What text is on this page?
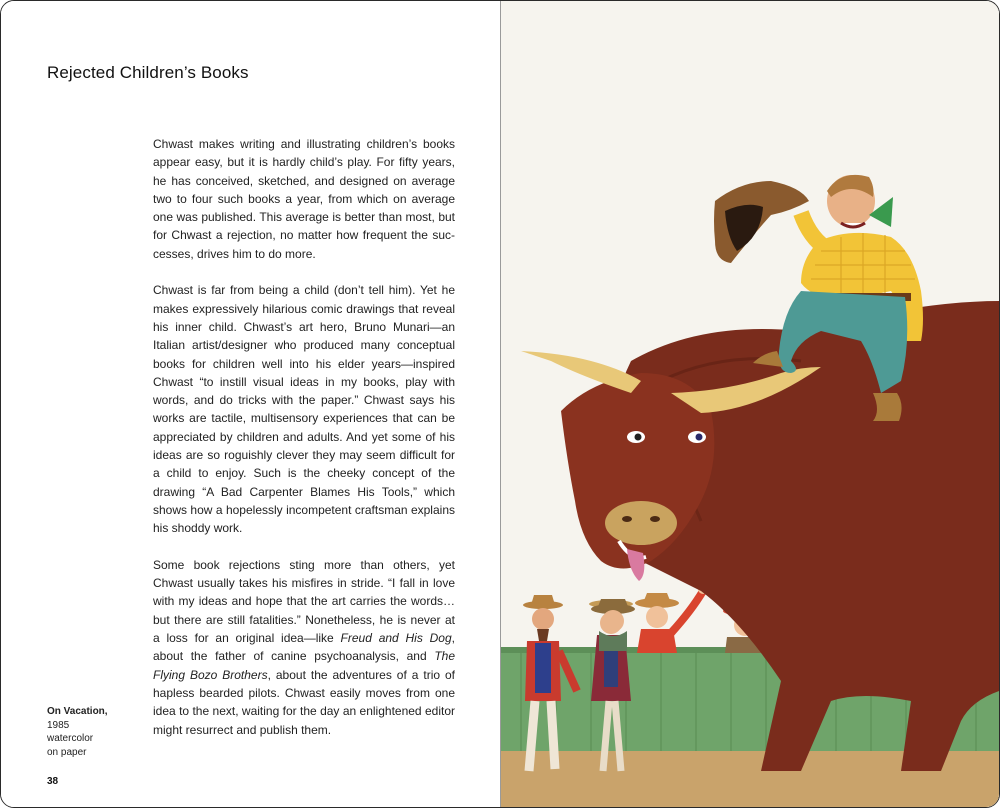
Rejected Children’s Books

Chwast makes writing and illustrating children’s books appear easy, but it is hardly child’s play. For fifty years, he has conceived, sketched, and designed on average two to four such books a year, from which on average one was published. This average is better than most, but for Chwast a rejection, no matter how frequent the suc-cesses, drives him to do more.

Chwast is far from being a child (don’t tell him). Yet he makes expressively hilarious comic drawings that reveal his inner child. Chwast’s art hero, Bruno Munari—an Italian artist/designer who produced many conceptual books for children well into his elder years—inspired Chwast “to instill visual ideas in my books, play with words, and do tricks with the paper.” Chwast says his works are tactile, multisensory experiences that can be appreciated by children and adults. And yet some of his ideas are so roguishly clever they may seem difficult for a child to enjoy. Such is the cheeky concept of the drawing “A Bad Carpenter Blames His Tools,” which shows how a hopelessly incompetent craftsman explains his shoddy work.

Some book rejections sting more than others, yet Chwast usually takes his misfires in stride. “I fall in love with my ideas and hope that the art carries the words… but there are still fatalities.” Nonetheless, he is never at a loss for an original idea—like Freud and His Dog, about the father of canine psychoanalysis, and The Flying Bozo Brothers, about the adventures of a trio of hapless bearded pilots. Chwast easily moves from one idea to the next, waiting for the day an enlightened editor might resurrect and publish them.

On Vacation,
1985
watercolor
on paper
38
